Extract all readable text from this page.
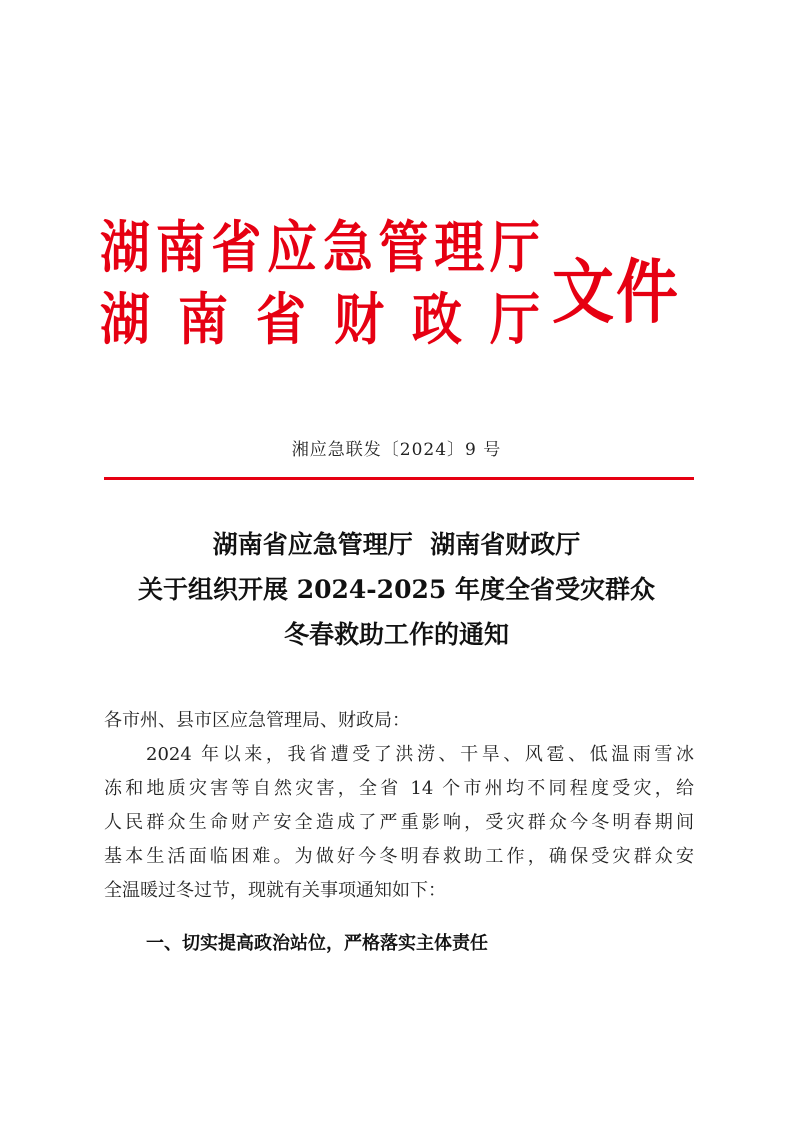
湖 南 省 应 急 管 理 厅
湖 南 省 财 政 厅 文件
湘应急联发〔2024〕9 号
湖南省应急管理厅  湖南省财政厅
关于组织开展 2024-2025 年度全省受灾群众
冬春救助工作的通知
各市州、县市区应急管理局、财政局：
2024 年以来，我省遭受了洪涝、干旱、风雹、低温雨雪冰
冻和地质灾害等自然灾害，全省 14 个市州均不同程度受灾，给
人民群众生命财产安全造成了严重影响，受灾群众今冬明春期间
基本生活面临困难。为做好今冬明春救助工作，确保受灾群众安
全温暖过冬过节，现就有关事项通知如下：
一、切实提高政治站位，严格落实主体责任
